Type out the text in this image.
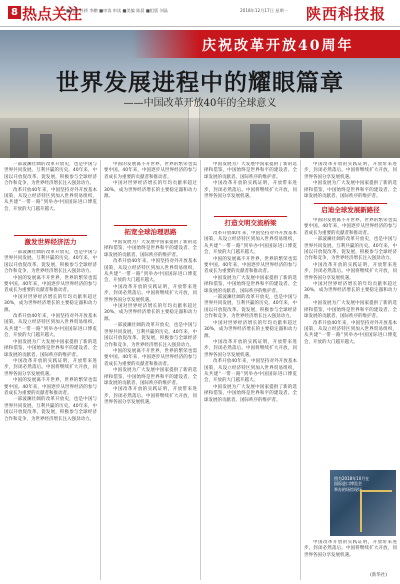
8 热点关注
■责编 杜桥 李鹏 ■审读 审读 ■美编 陈晨 ■组版 刘晶	2018年12月17日 星期一 陕西科技报
庆祝改革开放40周年
世界发展进程中的耀眼篇章
——中国改革开放40年的全球意义

一部波澜壮阔的改革开放史，也是中国与世界共同发展、互利共赢的历史。40年来，中国以开放促改革、促发展，积极参与全球经济合作和竞争，为世界经济增长注入强劲动力。

改革开放40年来，中国坚持对外开放基本国策，从设立经济特区到加入世界贸易组织，从共建“一带一路”到举办中国国际进口博览会，开放的大门越开越大。

激发世界经济活力

一部波澜壮阔的改革开放史，也是中国与世界共同发展、互利共赢的历史。40年来，中国以开放促改革、促发展，积极参与全球经济合作和竞争，为世界经济增长注入强劲动力。

中国的发展离不开世界，世界的繁荣也需要中国。40年来，中国逐步从世界经济的参与者成长为重要的贡献者和推动者。

中国对世界经济增长的年均贡献率超过30%，成为世界经济增长的主要稳定器和动力源。

改革开放40年来，中国坚持对外开放基本国策，从设立经济特区到加入世界贸易组织，从共建“一带一路”到举办中国国际进口博览会，开放的大门越开越大。

中国发展为广大发展中国家提供了新的选择和借鉴，中国始终是世界和平的建设者、全球发展的贡献者、国际秩序的维护者。

中国改革开放的实践证明，开放带来进步，封闭必然落后。中国将继续扩大开放，同世界各国分享发展机遇。

中国的发展离不开世界，世界的繁荣也需要中国。40年来，中国逐步从世界经济的参与者成长为重要的贡献者和推动者。

一部波澜壮阔的改革开放史，也是中国与世界共同发展、互利共赢的历史。40年来，中国以开放促改革、促发展，积极参与全球经济合作和竞争，为世界经济增长注入强劲动力。

中国的发展离不开世界，世界的繁荣也需要中国。40年来，中国逐步从世界经济的参与者成长为重要的贡献者和推动者。

中国对世界经济增长的年均贡献率超过30%，成为世界经济增长的主要稳定器和动力源。

拓宽全球治理思路

中国发展为广大发展中国家提供了新的选择和借鉴，中国始终是世界和平的建设者、全球发展的贡献者、国际秩序的维护者。

改革开放40年来，中国坚持对外开放基本国策，从设立经济特区到加入世界贸易组织，从共建“一带一路”到举办中国国际进口博览会，开放的大门越开越大。

中国改革开放的实践证明，开放带来进步，封闭必然落后。中国将继续扩大开放，同世界各国分享发展机遇。

中国对世界经济增长的年均贡献率超过30%，成为世界经济增长的主要稳定器和动力源。

一部波澜壮阔的改革开放史，也是中国与世界共同发展、互利共赢的历史。40年来，中国以开放促改革、促发展，积极参与全球经济合作和竞争，为世界经济增长注入强劲动力。

中国的发展离不开世界，世界的繁荣也需要中国。40年来，中国逐步从世界经济的参与者成长为重要的贡献者和推动者。

中国发展为广大发展中国家提供了新的选择和借鉴，中国始终是世界和平的建设者、全球发展的贡献者、国际秩序的维护者。

中国改革开放的实践证明，开放带来进步，封闭必然落后。中国将继续扩大开放，同世界各国分享发展机遇。

中国发展为广大发展中国家提供了新的选择和借鉴，中国始终是世界和平的建设者、全球发展的贡献者、国际秩序的维护者。

中国改革开放的实践证明，开放带来进步，封闭必然落后。中国将继续扩大开放，同世界各国分享发展机遇。

打造文明交流桥梁

改革开放40年来，中国坚持对外开放基本国策，从设立经济特区到加入世界贸易组织，从共建“一带一路”到举办中国国际进口博览会，开放的大门越开越大。

中国的发展离不开世界，世界的繁荣也需要中国。40年来，中国逐步从世界经济的参与者成长为重要的贡献者和推动者。

中国发展为广大发展中国家提供了新的选择和借鉴，中国始终是世界和平的建设者、全球发展的贡献者、国际秩序的维护者。

一部波澜壮阔的改革开放史，也是中国与世界共同发展、互利共赢的历史。40年来，中国以开放促改革、促发展，积极参与全球经济合作和竞争，为世界经济增长注入强劲动力。

中国对世界经济增长的年均贡献率超过30%，成为世界经济增长的主要稳定器和动力源。

中国改革开放的实践证明，开放带来进步，封闭必然落后。中国将继续扩大开放，同世界各国分享发展机遇。

改革开放40年来，中国坚持对外开放基本国策，从设立经济特区到加入世界贸易组织，从共建“一带一路”到举办中国国际进口博览会，开放的大门越开越大。

中国发展为广大发展中国家提供了新的选择和借鉴，中国始终是世界和平的建设者、全球发展的贡献者、国际秩序的维护者。

中国改革开放的实践证明，开放带来进步，封闭必然落后。中国将继续扩大开放，同世界各国分享发展机遇。

中国发展为广大发展中国家提供了新的选择和借鉴，中国始终是世界和平的建设者、全球发展的贡献者、国际秩序的维护者。

启迪全球发展新路径

中国的发展离不开世界，世界的繁荣也需要中国。40年来，中国逐步从世界经济的参与者成长为重要的贡献者和推动者。

一部波澜壮阔的改革开放史，也是中国与世界共同发展、互利共赢的历史。40年来，中国以开放促改革、促发展，积极参与全球经济合作和竞争，为世界经济增长注入强劲动力。

中国改革开放的实践证明，开放带来进步，封闭必然落后。中国将继续扩大开放，同世界各国分享发展机遇。

中国对世界经济增长的年均贡献率超过30%，成为世界经济增长的主要稳定器和动力源。

中国发展为广大发展中国家提供了新的选择和借鉴，中国始终是世界和平的建设者、全球发展的贡献者、国际秩序的维护者。

改革开放40年来，中国坚持对外开放基本国策，从设立经济特区到加入世界贸易组织，从共建“一带一路”到举办中国国际进口博览会，开放的大门越开越大。

图为2018年10月在
国际进口博览会
举办的场馆现场。

中国改革开放的实践证明，开放带来进步，封闭必然落后。中国将继续扩大开放，同世界各国分享发展机遇。

(新华社)
